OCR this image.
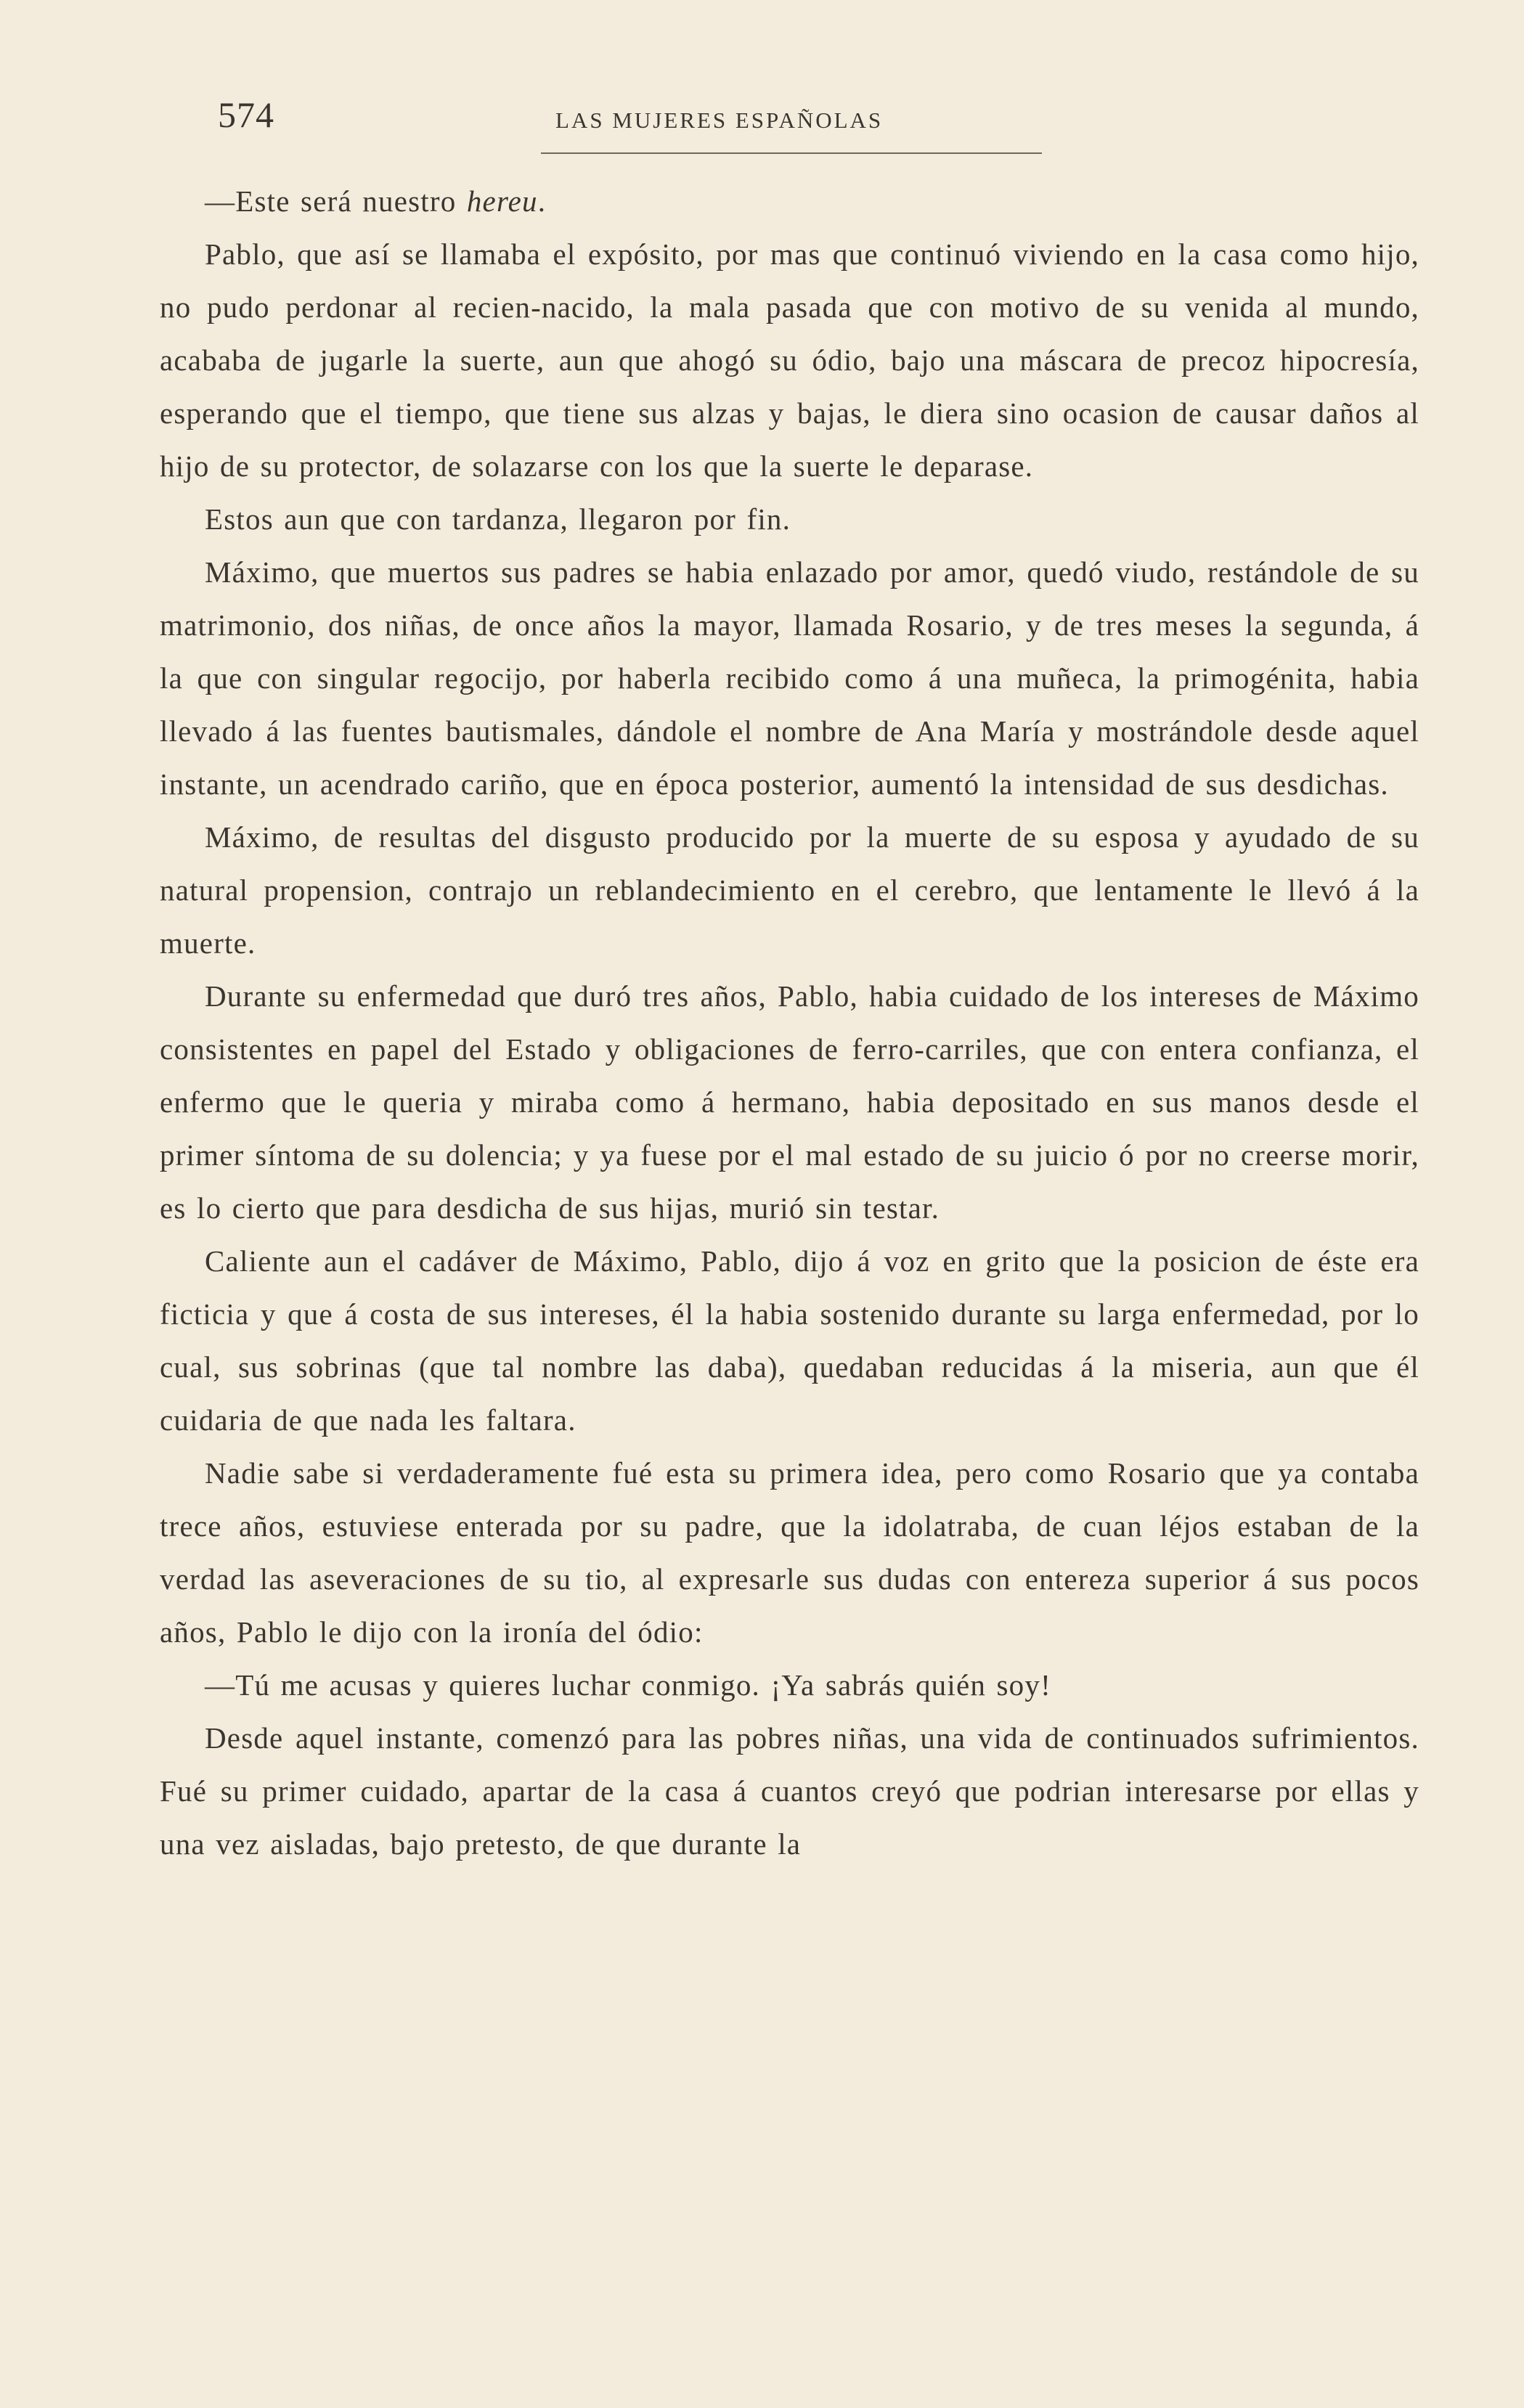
574	LAS MUJERES ESPAÑOLAS

—Este será nuestro hereu.

Pablo, que así se llamaba el expósito, por mas que continuó viviendo en la casa como hijo, no pudo perdonar al recien-nacido, la mala pasada que con motivo de su venida al mundo, acababa de jugarle la suerte, aun que ahogó su ódio, bajo una máscara de precoz hipocresía, esperando que el tiempo, que tiene sus alzas y bajas, le diera sino ocasion de causar daños al hijo de su protector, de solazarse con los que la suerte le deparase.

Estos aun que con tardanza, llegaron por fin.

Máximo, que muertos sus padres se habia enlazado por amor, quedó viudo, restándole de su matrimonio, dos niñas, de once años la mayor, llamada Rosario, y de tres meses la segunda, á la que con singular regocijo, por haberla recibido como á una muñeca, la primogénita, habia llevado á las fuentes bautismales, dándole el nombre de Ana María y mostrándole desde aquel instante, un acendrado cariño, que en época posterior, aumentó la intensidad de sus desdichas.

Máximo, de resultas del disgusto producido por la muerte de su esposa y ayudado de su natural propension, contrajo un reblandecimiento en el cerebro, que lentamente le llevó á la muerte.

Durante su enfermedad que duró tres años, Pablo, habia cuidado de los intereses de Máximo consistentes en papel del Estado y obligaciones de ferro-carriles, que con entera confianza, el enfermo que le queria y miraba como á hermano, habia depositado en sus manos desde el primer síntoma de su dolencia; y ya fuese por el mal estado de su juicio ó por no creerse morir, es lo cierto que para desdicha de sus hijas, murió sin testar.

Caliente aun el cadáver de Máximo, Pablo, dijo á voz en grito que la posicion de éste era ficticia y que á costa de sus intereses, él la habia sostenido durante su larga enfermedad, por lo cual, sus sobrinas (que tal nombre las daba), quedaban reducidas á la miseria, aun que él cuidaria de que nada les faltara.

Nadie sabe si verdaderamente fué esta su primera idea, pero como Rosario que ya contaba trece años, estuviese enterada por su padre, que la idolatraba, de cuan léjos estaban de la verdad las aseveraciones de su tio, al expresarle sus dudas con entereza superior á sus pocos años, Pablo le dijo con la ironía del ódio:

—Tú me acusas y quieres luchar conmigo. ¡Ya sabrás quién soy!

Desde aquel instante, comenzó para las pobres niñas, una vida de continuados sufrimientos. Fué su primer cuidado, apartar de la casa á cuantos creyó que podrian interesarse por ellas y una vez aisladas, bajo pretesto, de que durante la
